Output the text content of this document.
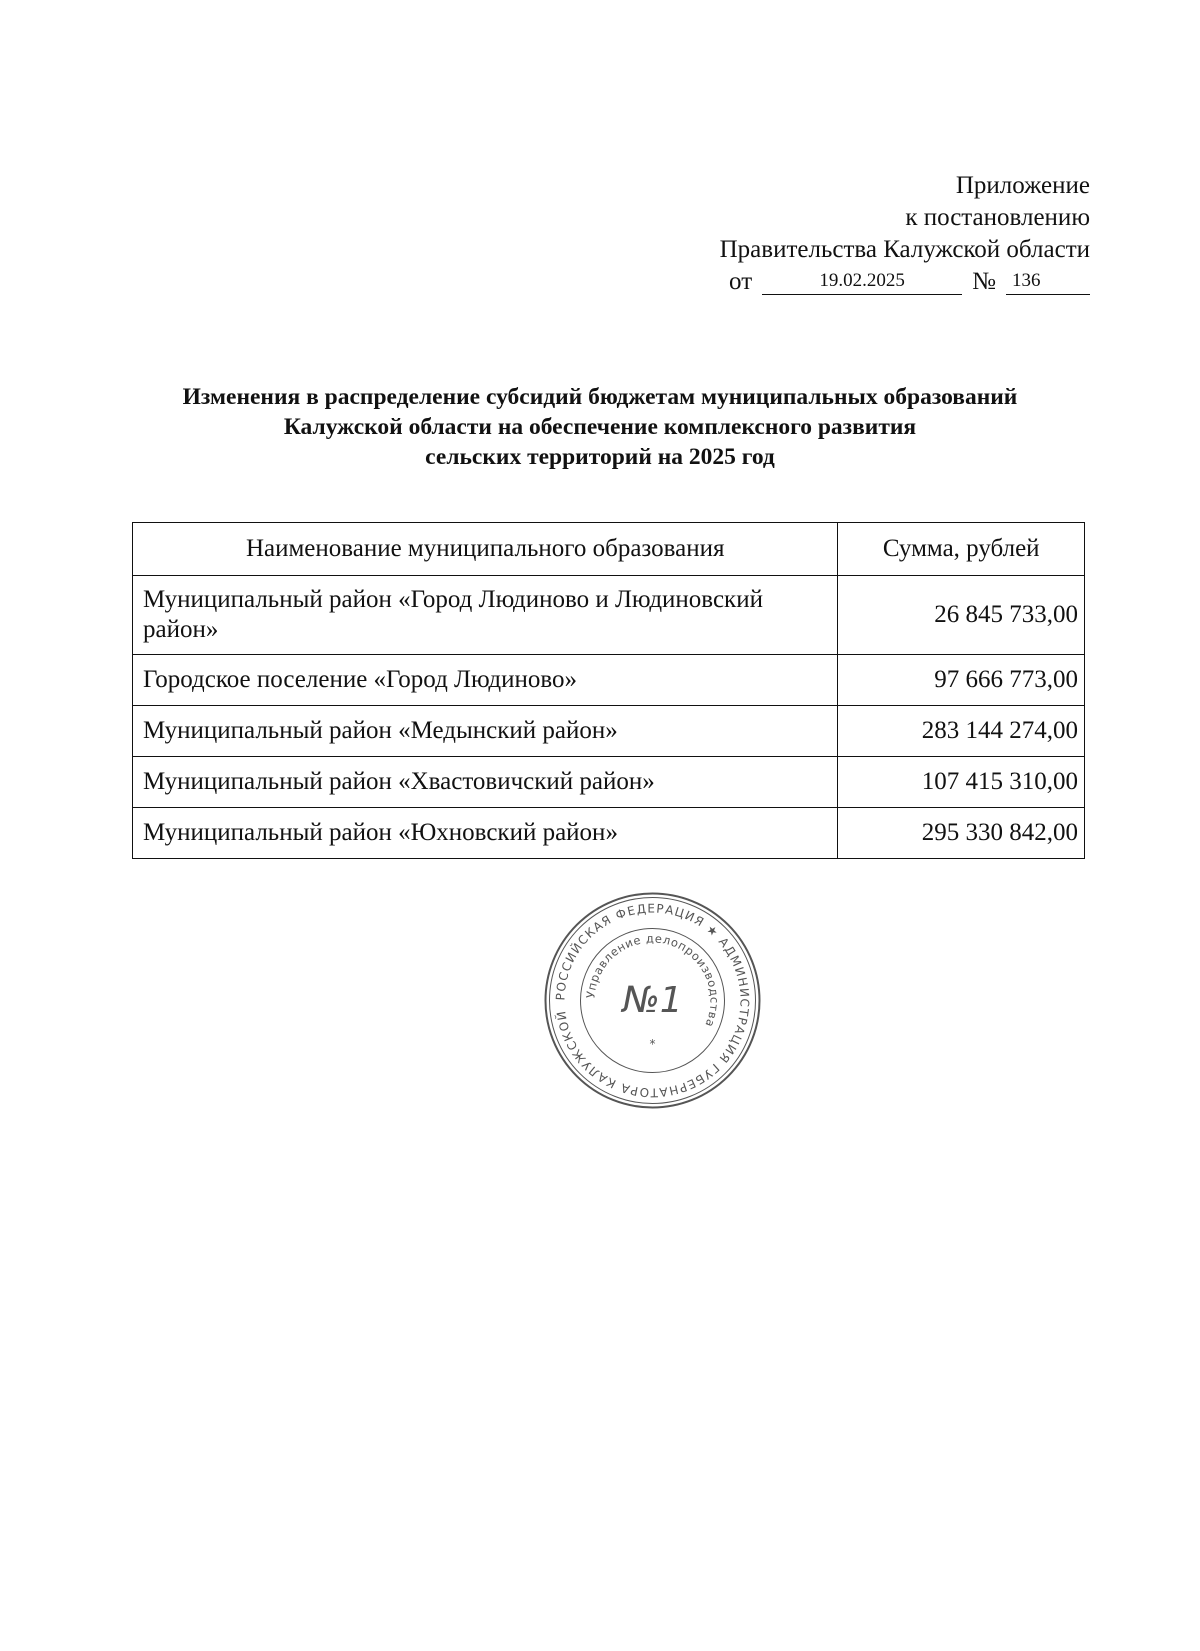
Приложение
к постановлению
Правительства Калужской области
от	19.02.2025	№ 136
Изменения в распределение субсидий бюджетам муниципальных образований
Калужской области на обеспечение комплексного развития
сельских территорий на 2025 год
Наименование муниципального образования	Сумма, рублей
Муниципальный район «Город Людиново и Людиновский район»	26 845 733,00
Городское поселение «Город Людиново»	97 666 773,00
Муниципальный район «Медынский район»	283 144 274,00
Муниципальный район «Хвастовичский район»	107 415 310,00
Муниципальный район «Юхновский район»	295 330 842,00
РОССИЙСКАЯ ФЕДЕРАЦИЯ ★ АДМИНИСТРАЦИЯ ГУБЕРНАТОРА КАЛУЖСКОЙ
Управление делопроизводства
№1
*
